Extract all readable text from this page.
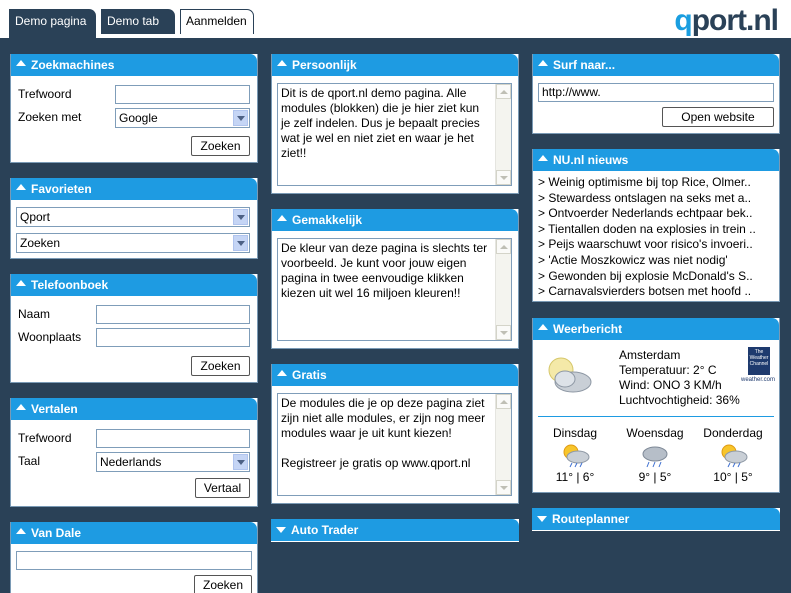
Demo pagina	Demo tab	Aanmelden	qport.nl
Zoekmachines
Trefwoord
Zoeken met	Google
Zoeken
Favorieten
Qport
Zoeken
Telefoonboek
Naam
Woonplaats
Zoeken
Vertalen
Trefwoord
Taal	Nederlands
Vertaal
Van Dale
Zoeken
Persoonlijk
Dit is de qport.nl demo pagina. Alle modules (blokken) die je hier ziet kun je zelf indelen. Dus je bepaalt precies wat je wel en niet ziet en waar je het ziet!!
Gemakkelijk
De kleur van deze pagina is slechts ter voorbeeld. Je kunt voor jouw eigen pagina in twee eenvoudige klikken kiezen uit wel 16 miljoen kleuren!!
Gratis
De modules die je op deze pagina ziet zijn niet alle modules, er zijn nog meer modules waar je uit kunt kiezen!
Registreer je gratis op www.qport.nl
Auto Trader
Surf naar...
http://www.
Open website
NU.nl nieuws
> Weinig optimisme bij top Rice, Olmer..
> Stewardess ontslagen na seks met a..
> Ontvoerder Nederlands echtpaar bek..
> Tientallen doden na explosies in trein ..
> Peijs waarschuwt voor risico's invoeri..
> 'Actie Moszkowicz was niet nodig'
> Gewonden bij explosie McDonald's S..
> Carnavalsvierders botsen met hoofd ..
Weerbericht
Amsterdam
Temperatuur: 2° C
Wind: ONO 3 KM/h
Luchtvochtigheid: 36%
The Weather Channel
weather.com
Dinsdag
11° | 6°
Woensdag
9° | 5°
Donderdag
10° | 5°
Routeplanner
